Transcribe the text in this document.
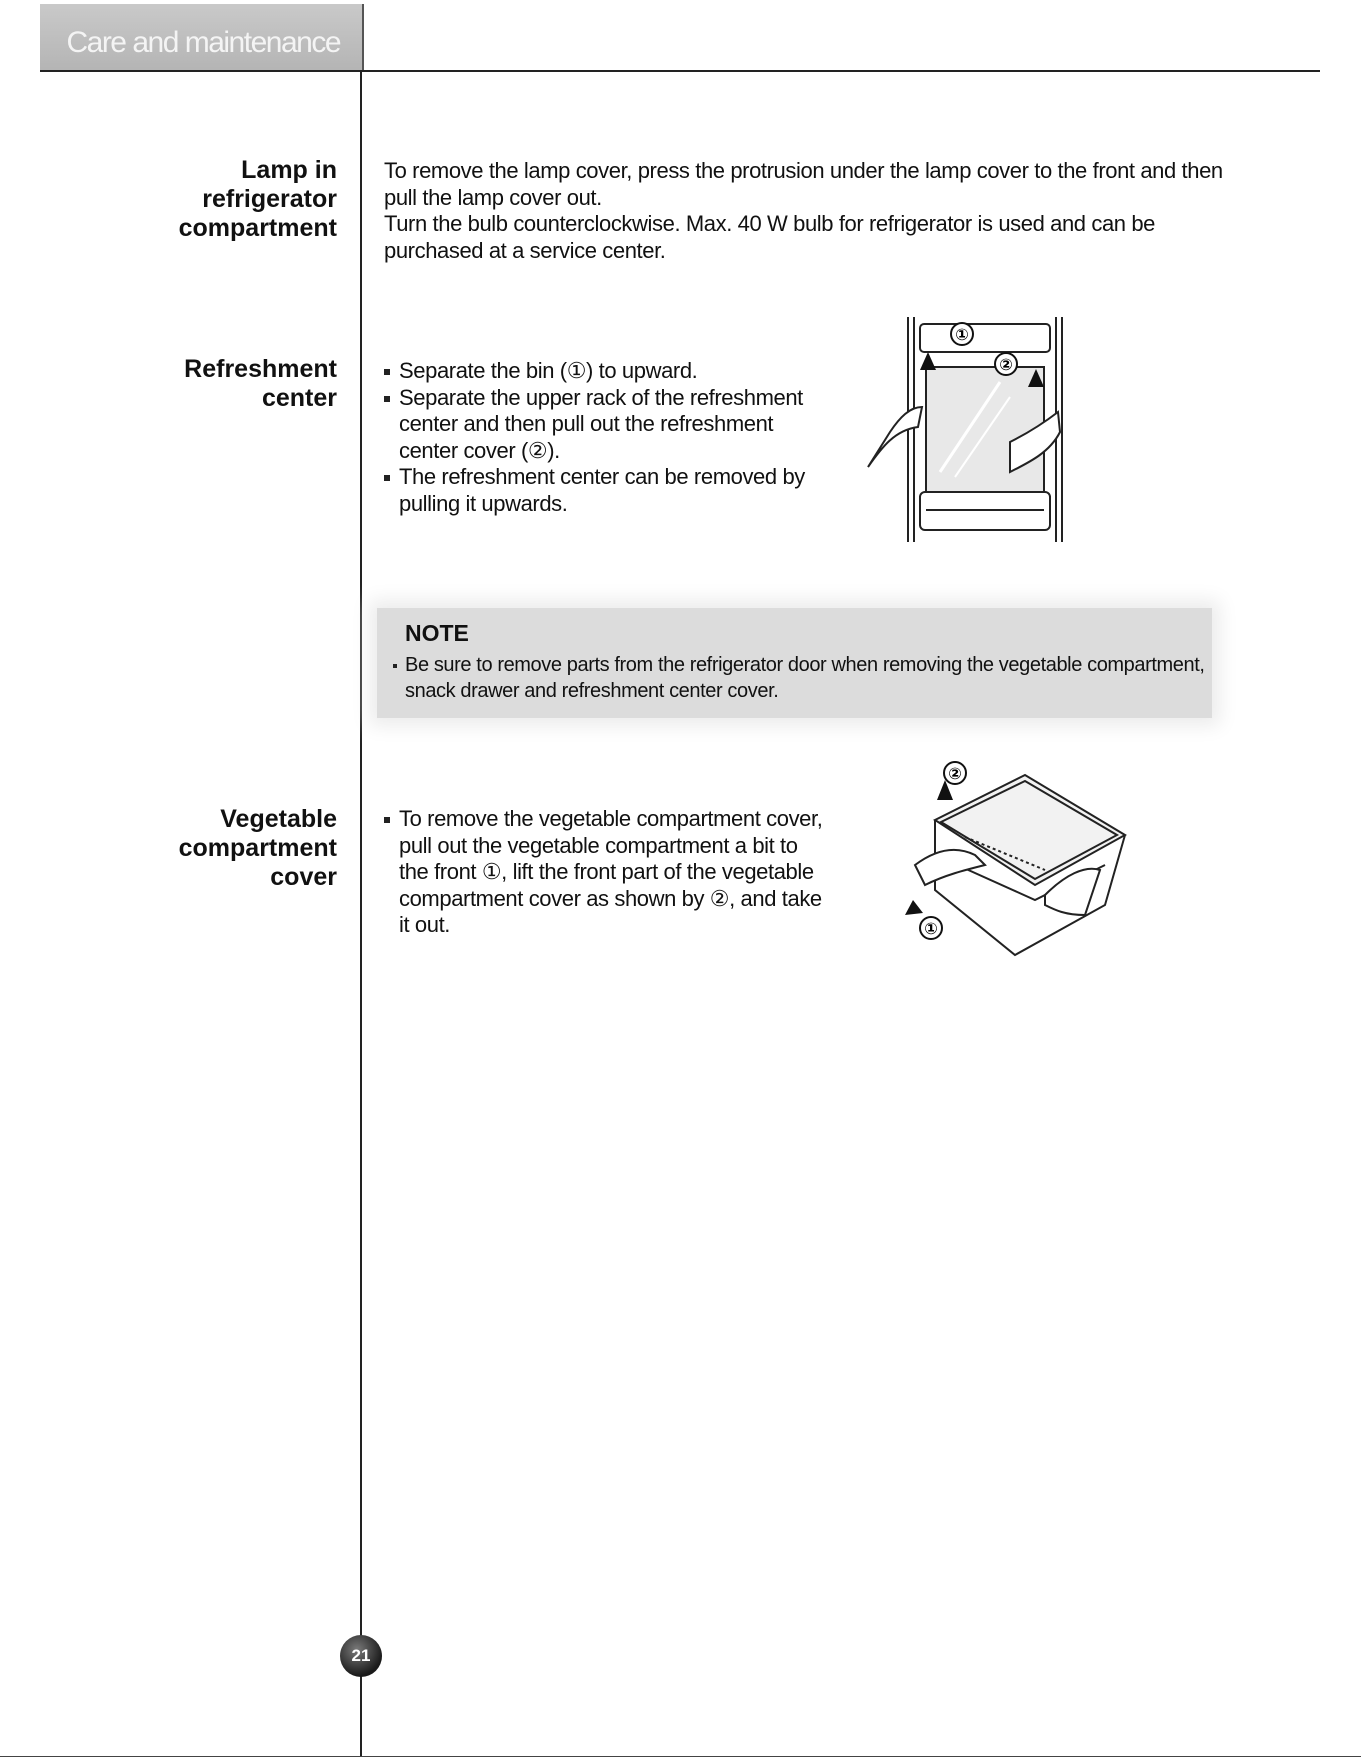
Care and maintenance
Lamp in
refrigerator
compartment
To remove the lamp cover, press the protrusion under the lamp cover to the front and then pull the lamp cover out.
Turn the bulb counterclockwise. Max. 40 W bulb for refrigerator is used and can be purchased at a service center.
Refreshment
center
Separate the bin (①) to upward.
Separate the upper rack of the refreshment center and then pull out the refreshment center cover (②).
The refreshment center can be removed by pulling it upwards.
①
②
NOTE
Be sure to remove parts from the refrigerator door when removing the vegetable compartment, snack drawer and refreshment center cover.
Vegetable
compartment
cover
To remove the vegetable compartment cover, pull out the vegetable compartment a bit to the front ①, lift the front part of the vegetable compartment cover as shown by ②, and take it out.
②
①
21
